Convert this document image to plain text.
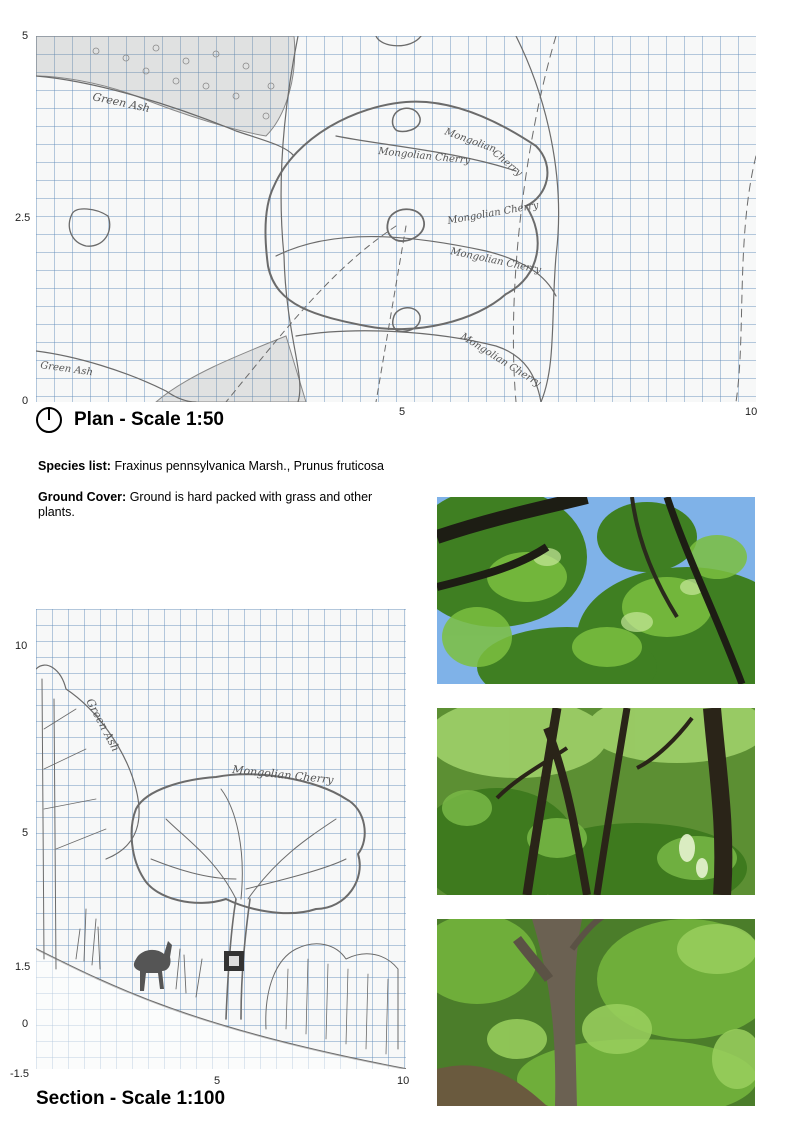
Green Ash
Green Ash
Mongolian
Cherry
Mongolian Cherry
Mongolian Cherry
Mongolian Cherry
Mongolian Cherry
5
2.5
0
5	10
Plan - Scale 1:50
Species list: Fraxinus pennsylvanica Marsh., Prunus fruticosa
Ground Cover: Ground is hard packed with grass and other plants.
Green Ash
Mongolian Cherry
10
5
1.5
0
-1.5
5	10
Section - Scale 1:100
